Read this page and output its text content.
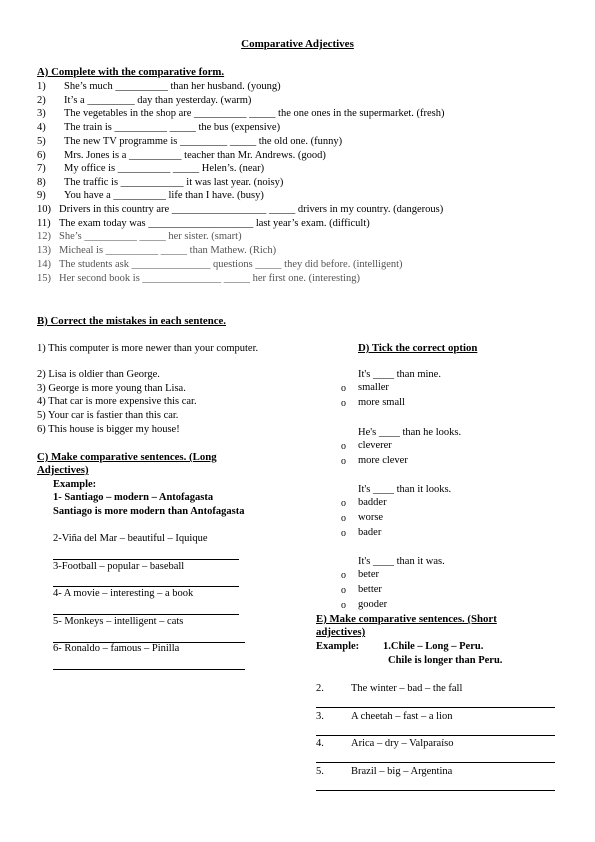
Comparative Adjectives
A) Complete with the comparative form.
1) She’s much __________ than her husband. (young)
2) It’s a _________ day than yesterday. (warm)
3) The vegetables in the shop are __________ _____ the one ones in the supermarket. (fresh)
4) The train is __________ _____ the bus (expensive)
5) The new TV programme is _________ _____ the old one. (funny)
6) Mrs. Jones is a __________ teacher than Mr. Andrews. (good)
7) My office is __________ _____ Helen’s. (near)
8) The traffic is ____________ it was last year. (noisy)
9) You have a __________ life than I have. (busy)
10) Drivers in this country are __________________ _____ drivers in my country. (dangerous)
11) The exam today was ____________________ last year’s exam. (difficult)
12) She’s __________ _____ her sister. (smart)
13) Micheal is __________ _____ than Mathew. (Rich)
14) The students ask _______________ questions _____ they did before. (intelligent)
15) Her second book is _______________ _____ her first one. (interesting)
B) Correct the mistakes in each sentence.
1) This computer is more newer than your computer.
2) Lisa is oldier than George.
3) George is more young than Lisa.
4) That car is more expensive this car.
5) Your car is fastier than this car.
6) This house is bigger my house!
C) Make comparative sentences. (Long Adjectives)
Example:
1- Santiago – modern – Antofagasta
Santiago is more modern than Antofagasta
2-Viña del Mar – beautiful – Iquique
3-Football – popular – baseball
4- A movie – interesting – a book
5- Monkeys – intelligent – cats
6- Ronaldo – famous – Pinilla
D) Tick the correct option
It's ____ than mine.
o smaller
o more small
He's ____ than he looks.
o cleverer
o more clever
It's ____ than it looks.
o badder
o worse
o bader
It's ____ than it was.
o beter
o better
o gooder
E) Make comparative sentences. (Short adjectives)
Example: 1.Chile – Long – Peru.
Chile is longer than Peru.
2.	The winter – bad – the fall
3.	A cheetah – fast – a lion
4.	Arica – dry – Valparaíso
5.	Brazil – big – Argentina
